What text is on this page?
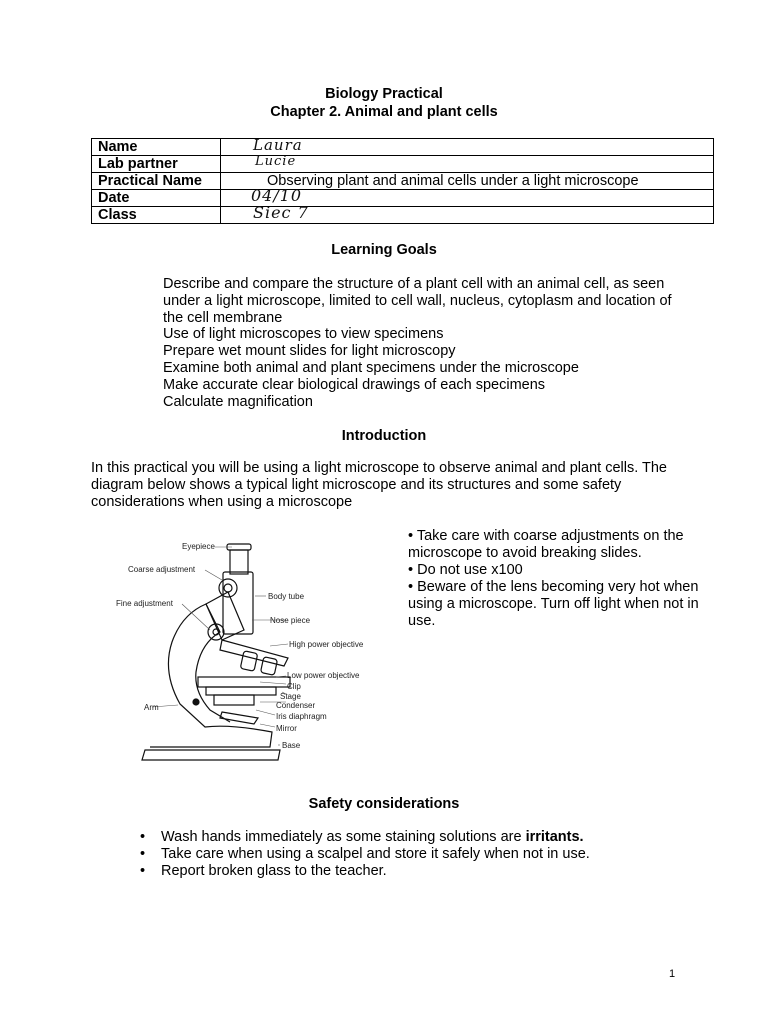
Biology Practical
Chapter 2. Animal and plant cells
Name	Laura

Lab partner	Lucie

Practical Name	Observing plant and animal cells under a light microscope

Date	04/10

Class	Siec 7
Learning Goals
Describe and compare the structure of a plant cell with an animal cell, as seen under a light microscope, limited to cell wall, nucleus, cytoplasm and location of the cell membrane
Use of light microscopes to view specimens
Prepare wet mount slides for light microscopy
Examine both animal and plant specimens under the microscope
Make accurate clear biological drawings of each specimens
Calculate magnification
Introduction

In this practical you will be using a light microscope to observe animal and plant cells. The diagram below shows a typical light microscope and its structures and some safety considerations when using a microscope

Eyepiece
Coarse adjustment
Fine adjustment
Body tube
Nose piece
High power objective
Low power objective
Clip
Stage
Condenser
Iris diaphragm
Arm
Mirror
Base
• Take care with coarse adjustments on the microscope to avoid breaking slides.
• Do not use x100
• Beware of the lens becoming very hot when using a microscope. Turn off light when not in use.
Safety considerations
• Wash hands immediately as some staining solutions are irritants.
• Take care when using a scalpel and store it safely when not in use.
• Report broken glass to the teacher.
1
